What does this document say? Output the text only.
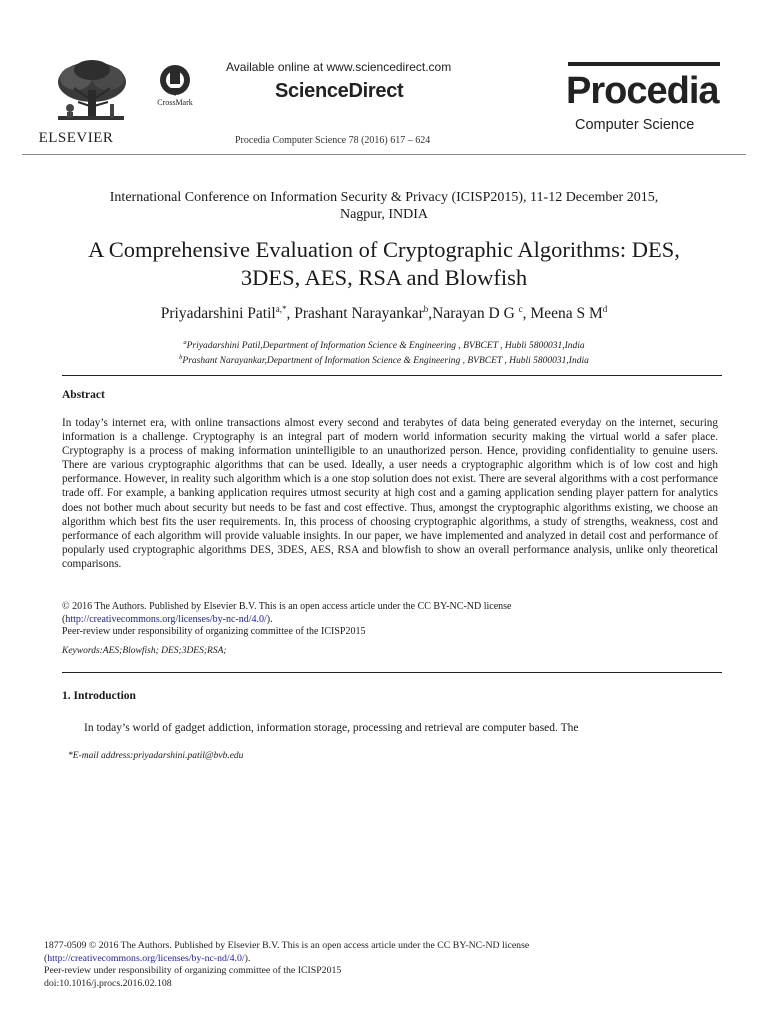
ELSEVIER
CrossMark
Available online at www.sciencedirect.com
ScienceDirect
Procedia Computer Science 78 (2016) 617 – 624
Procedia
Computer Science
International Conference on Information Security & Privacy (ICISP2015), 11-12 December 2015,
Nagpur, INDIA
A Comprehensive Evaluation of Cryptographic Algorithms: DES,
3DES, AES, RSA and Blowfish
Priyadarshini Patil$^{a,*}$, Prashant Narayankar$^b$,Narayan D G $^c$, Meena S $M^d$
$^a$Priyadarshini Patil,Department of Information Science & Engineering , BVBCET , Hubli 5800031,India
$^b$Prashant Narayankar,Department of Information Science & Engineering , BVBCET , Hubli 5800031,India
Abstract
In today’s internet era, with online transactions almost every second and terabytes of data being generated everyday on the internet, securing information is a challenge. Cryptography is an integral part of modern world information security making the virtual world a safer place. Cryptography is a process of making information unintelligible to an unauthorized person. Hence, providing confidentiality to genuine users. There are various cryptographic algorithms that can be used. Ideally, a user needs a cryptographic algorithm which is of low cost and high performance. However, in reality such algorithm which is a one stop solution does not exist. There are several algorithms with a cost performance trade off. For example, a banking application requires utmost security at high cost and a gaming application sending player pattern for analytics does not bother much about security but needs to be fast and cost effective. Thus, amongst the cryptographic algorithms existing, we choose an algorithm which best fits the user requirements. In, this process of choosing cryptographic algorithms, a study of strengths, weakness, cost and performance of each algorithm will provide valuable insights. In our paper, we have implemented and analyzed in detail cost and performance of popularly used cryptographic algorithms DES, 3DES, AES, RSA and blowfish to show an overall performance analysis, unlike only theoretical comparisons.
© 2016 The Authors. Published by Elsevier B.V. This is an open access article under the CC BY-NC-ND license
(http://creativecommons.org/licenses/by-nc-nd/4.0/).
Peer-review under responsibility of organizing committee of the ICISP2015
Keywords:AES;Blowfish; DES;3DES;RSA;
1. Introduction
In today’s world of gadget addiction, information storage, processing and retrieval are computer based. The
*E-mail address:priyadarshini.patil@bvb.edu
1877-0509 © 2016 The Authors. Published by Elsevier B.V. This is an open access article under the CC BY-NC-ND license
(http://creativecommons.org/licenses/by-nc-nd/4.0/).
Peer-review under responsibility of organizing committee of the ICISP2015
doi:10.1016/j.procs.2016.02.108
